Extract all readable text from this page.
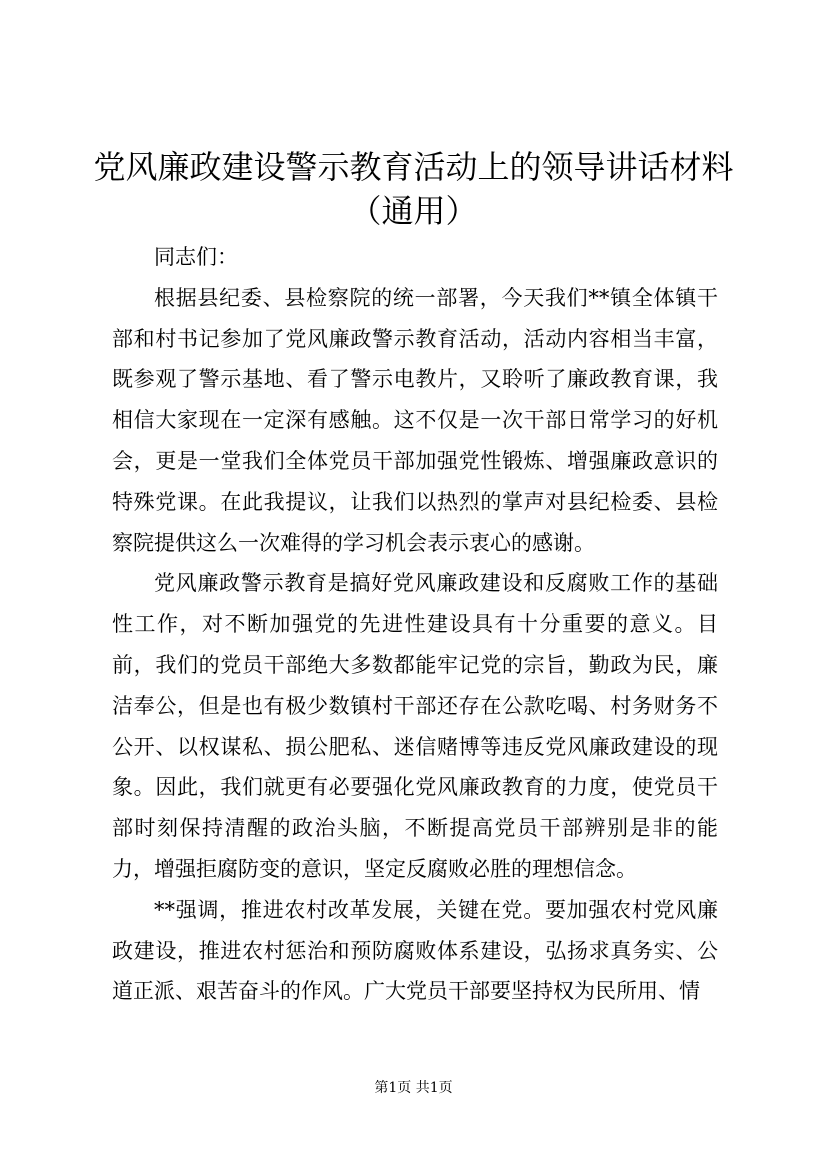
党风廉政建设警示教育活动上的领导讲话材料
（通用）

同志们：

根据县纪委、县检察院的统一部署，今天我们**镇全体镇干部和村书记参加了党风廉政警示教育活动，活动内容相当丰富，既参观了警示基地、看了警示电教片，又聆听了廉政教育课，我相信大家现在一定深有感触。这不仅是一次干部日常学习的好机会，更是一堂我们全体党员干部加强党性锻炼、增强廉政意识的特殊党课。在此我提议，让我们以热烈的掌声对县纪检委、县检察院提供这么一次难得的学习机会表示衷心的感谢。

党风廉政警示教育是搞好党风廉政建设和反腐败工作的基础性工作，对不断加强党的先进性建设具有十分重要的意义。目前，我们的党员干部绝大多数都能牢记党的宗旨，勤政为民，廉洁奉公，但是也有极少数镇村干部还存在公款吃喝、村务财务不公开、以权谋私、损公肥私、迷信赌博等违反党风廉政建设的现象。因此，我们就更有必要强化党风廉政教育的力度，使党员干部时刻保持清醒的政治头脑，不断提高党员干部辨别是非的能力，增强拒腐防变的意识，坚定反腐败必胜的理想信念。

**强调，推进农村改革发展，关键在党。要加强农村党风廉政建设，推进农村惩治和预防腐败体系建设，弘扬求真务实、公道正派、艰苦奋斗的作风。广大党员干部要坚持权为民所用、情

第1页 共1页
